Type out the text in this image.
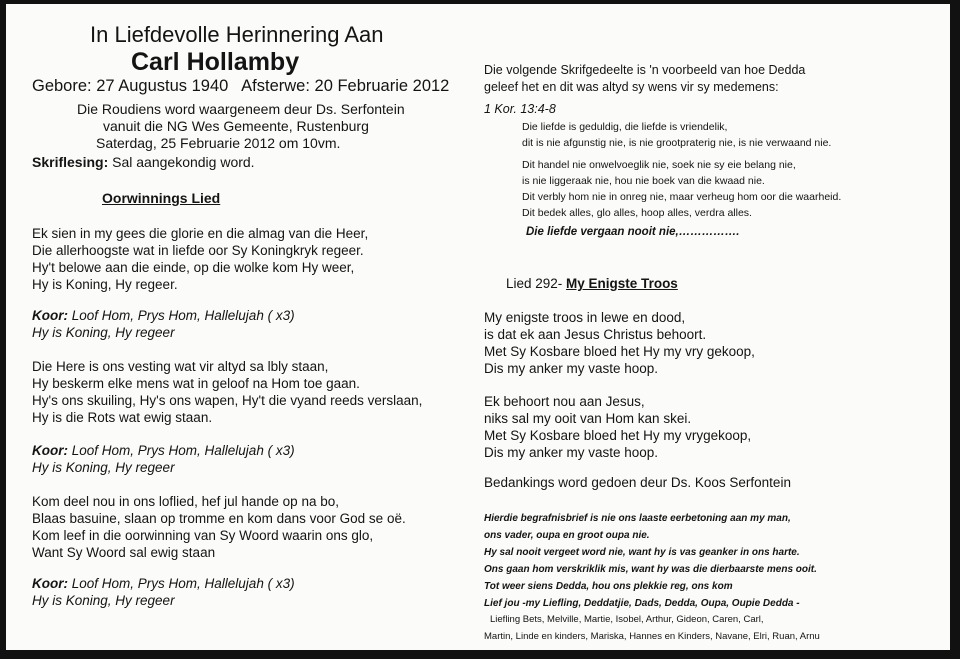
In Liefdevolle Herinnering Aan
Carl Hollamby
Gebore: 27 Augustus 1940   Afsterwe: 20 Februarie 2012
Die Roudiens word waargeneem deur Ds. Serfontein
vanuit die NG Wes Gemeente, Rustenburg
Saterdag, 25 Februarie 2012 om 10vm.
Skriflesing: Sal aangekondig word.
Oorwinnings Lied
Ek sien in my gees die glorie en die almag van die Heer,
Die allerhoogste wat in liefde oor Sy Koningkryk regeer.
Hy't belowe aan die einde, op die wolke kom Hy weer,
Hy is Koning, Hy regeer.
Koor: Loof Hom, Prys Hom, Hallelujah ( x3)
Hy is Koning, Hy regeer
Die Here is ons vesting wat vir altyd sa lbly staan,
Hy beskerm elke mens wat in geloof na Hom toe gaan.
Hy's ons skuiling, Hy's ons wapen, Hy't die vyand reeds verslaan,
Hy is die Rots wat ewig staan.
Koor: Loof Hom, Prys Hom, Hallelujah ( x3)
Hy is Koning, Hy regeer
Kom deel nou in ons loflied, hef jul hande op na bo,
Blaas basuine, slaan op tromme en kom dans voor God se oë.
Kom leef in die oorwinning van Sy Woord waarin ons glo,
Want Sy Woord sal ewig staan
Koor: Loof Hom, Prys Hom, Hallelujah ( x3)
Hy is Koning, Hy regeer
Die volgende Skrifgedeelte is 'n voorbeeld van hoe Dedda
geleef het en dit was altyd sy wens vir sy medemens:
1 Kor. 13:4-8
Die liefde is geduldig, die liefde is vriendelik,
dit is nie afgunstig nie, is nie grootpraterig nie, is nie verwaand nie.
Dit handel nie onwelvoeglik nie, soek nie sy eie belang nie,
is nie liggeraak nie, hou nie boek van die kwaad nie.
Dit verbly hom nie in onreg nie, maar verheug hom oor die waarheid.
Dit bedek alles, glo alles, hoop alles, verdra alles.
Die liefde vergaan nooit nie,…………….
Lied 292- My Enigste Troos
My enigste troos in lewe en dood,
is dat ek aan Jesus Christus behoort.
Met Sy Kosbare bloed het Hy my vry gekoop,
Dis my anker my vaste hoop.
Ek behoort nou aan Jesus,
niks sal my ooit van Hom kan skei.
Met Sy Kosbare bloed het Hy my vrygekoop,
Dis my anker my vaste hoop.
Bedankings word gedoen deur Ds. Koos Serfontein
Hierdie begrafnisbrief is nie ons laaste eerbetoning aan my man,
ons vader, oupa en groot oupa nie.
Hy sal nooit vergeet word nie, want hy is vas geanker in ons harte.
Ons gaan hom verskriklik mis, want hy was die dierbaarste mens ooit.
Tot weer siens Dedda, hou ons plekkie reg, ons kom
Lief jou -my Liefling, Deddatjie, Dads, Dedda, Oupa, Oupie Dedda -
Liefling Bets, Melville, Martie, Isobel, Arthur, Gideon, Caren, Carl,
Martin, Linde en kinders, Mariska, Hannes en Kinders, Navane, Elri, Ruan, Arnu
